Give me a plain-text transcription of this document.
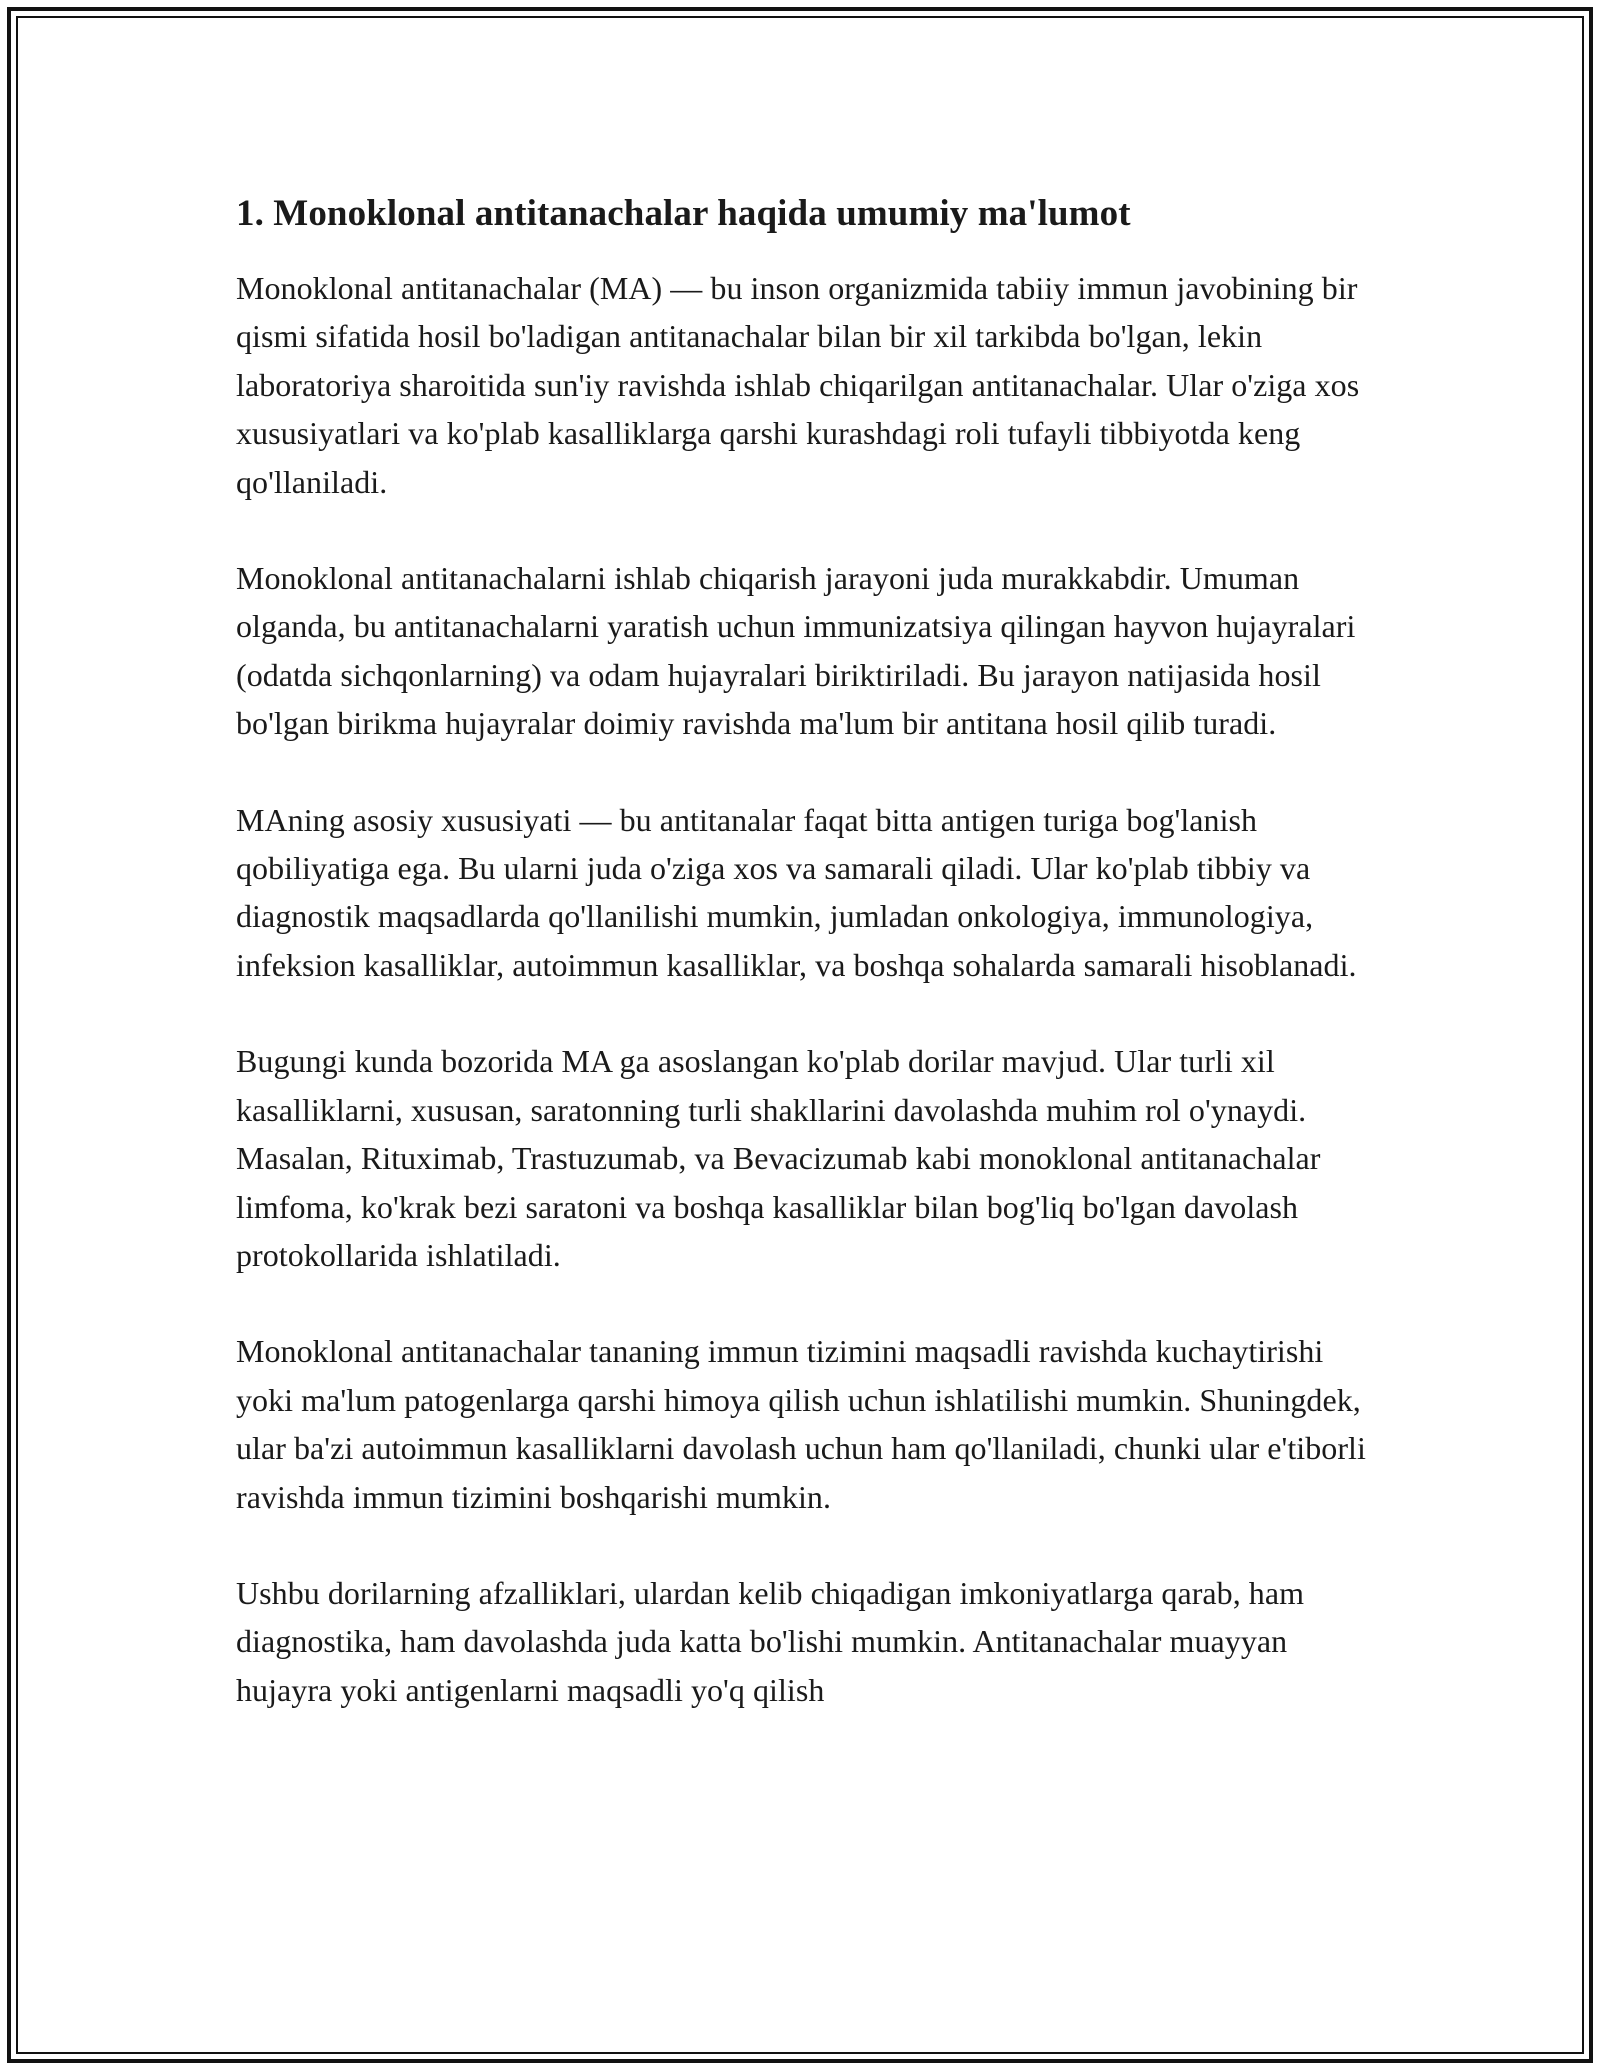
1. Monoklonal antitanachalar haqida umumiy ma'lumot

Monoklonal antitanachalar (MA) — bu inson organizmida tabiiy immun javobining bir qismi sifatida hosil bo'ladigan antitanachalar bilan bir xil tarkibda bo'lgan, lekin laboratoriya sharoitida sun'iy ravishda ishlab chiqarilgan antitanachalar. Ular o'ziga xos xususiyatlari va ko'plab kasalliklarga qarshi kurashdagi roli tufayli tibbiyotda keng qo'llaniladi.

Monoklonal antitanachalarni ishlab chiqarish jarayoni juda murakkabdir. Umuman olganda, bu antitanachalarni yaratish uchun immunizatsiya qilingan hayvon hujayralari (odatda sichqonlarning) va odam hujayralari biriktiriladi. Bu jarayon natijasida hosil bo'lgan birikma hujayralar doimiy ravishda ma'lum bir antitana hosil qilib turadi.

MAning asosiy xususiyati — bu antitanalar faqat bitta antigen turiga bog'lanish qobiliyatiga ega. Bu ularni juda o'ziga xos va samarali qiladi. Ular ko'plab tibbiy va diagnostik maqsadlarda qo'llanilishi mumkin, jumladan onkologiya, immunologiya, infeksion kasalliklar, autoimmun kasalliklar, va boshqa sohalarda samarali hisoblanadi.

Bugungi kunda bozorida MA ga asoslangan ko'plab dorilar mavjud. Ular turli xil kasalliklarni, xususan, saratonning turli shakllarini davolashda muhim rol o'ynaydi. Masalan, Rituximab, Trastuzumab, va Bevacizumab kabi monoklonal antitanachalar limfoma, ko'krak bezi saratoni va boshqa kasalliklar bilan bog'liq bo'lgan davolash protokollarida ishlatiladi.

Monoklonal antitanachalar tananing immun tizimini maqsadli ravishda kuchaytirishi yoki ma'lum patogenlarga qarshi himoya qilish uchun ishlatilishi mumkin. Shuningdek, ular ba'zi autoimmun kasalliklarni davolash uchun ham qo'llaniladi, chunki ular e'tiborli ravishda immun tizimini boshqarishi mumkin.

Ushbu dorilarning afzalliklari, ulardan kelib chiqadigan imkoniyatlarga qarab, ham diagnostika, ham davolashda juda katta bo'lishi mumkin. Antitanachalar muayyan hujayra yoki antigenlarni maqsadli yo'q qilish
